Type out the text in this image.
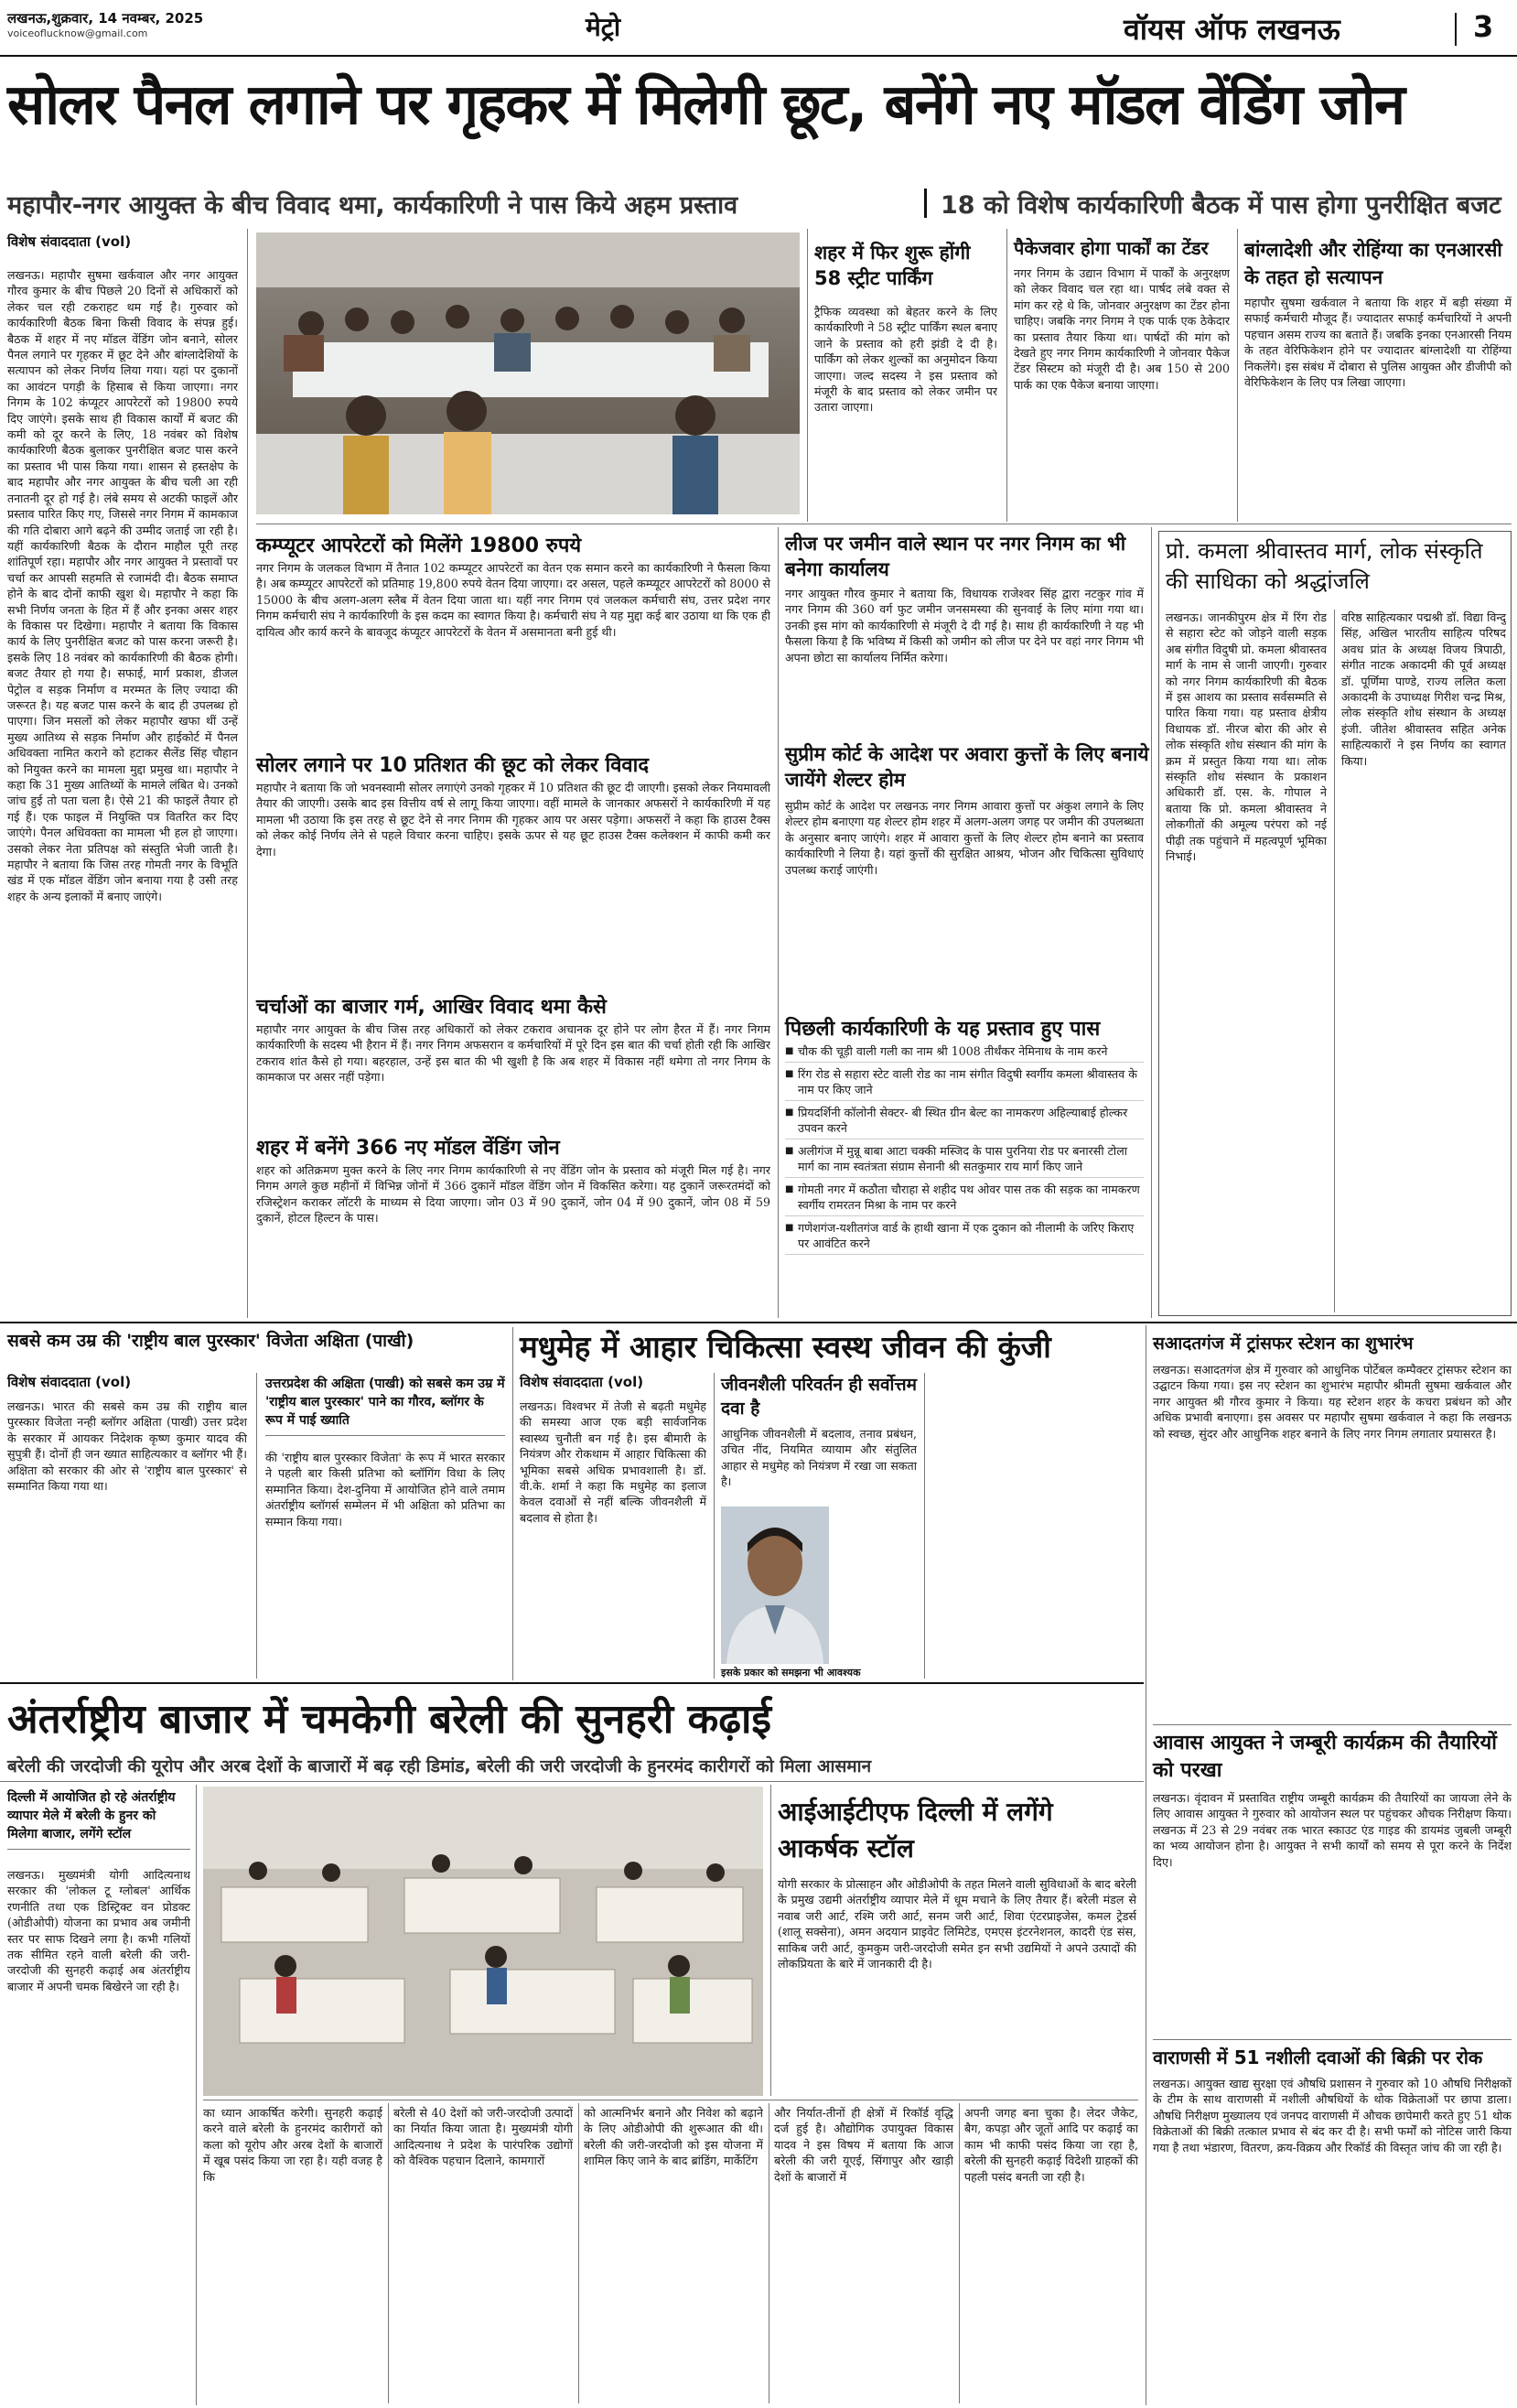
लखनऊ,शुक्रवार, 14 नवम्बर, 2025
voiceoflucknow@gmail.com	मेट्रो	वॉयस ऑफ लखनऊ	3
सोलर पैनल लगाने पर गृहकर में मिलेगी छूट, बनेंगे नए मॉडल वेंडिंग जोन
महापौर-नगर आयुक्त के बीच विवाद थमा, कार्यकारिणी ने पास किये अहम प्रस्ताव	18 को विशेष कार्यकारिणी बैठक में पास होगा पुनरीक्षित बजट
विशेष संवाददाता (vol)
लखनऊ। महापौर सुषमा खर्कवाल और नगर आयुक्त गौरव कुमार के बीच पिछले 20 दिनों से अधिकारों को लेकर चल रही टकराहट थम गई है। गुरुवार को कार्यकारिणी बैठक बिना किसी विवाद के संपन्न हुई। बैठक में शहर में नए मॉडल वेंडिंग जोन बनाने, सोलर पैनल लगाने पर गृहकर में छूट देने और बांग्लादेशियों के सत्यापन को लेकर निर्णय लिया गया। यहां पर दुकानों का आवंटन पगड़ी के हिसाब से किया जाएगा। नगर निगम के 102 कंप्यूटर आपरेटरों को 19800 रुपये दिए जाएंगे। इसके साथ ही विकास कार्यों में बजट की कमी को दूर करने के लिए, 18 नवंबर को विशेष कार्यकारिणी बैठक बुलाकर पुनरीक्षित बजट पास करने का प्रस्ताव भी पास किया गया। शासन से हस्तक्षेप के बाद महापौर और नगर आयुक्त के बीच चली आ रही तनातनी दूर हो गई है। लंबे समय से अटकी फाइलें और प्रस्ताव पारित किए गए, जिससे नगर निगम में कामकाज की गति दोबारा आगे बढ़ने की उम्मीद जताई जा रही है। यहीं कार्यकारिणी बैठक के दौरान माहौल पूरी तरह शांतिपूर्ण रहा। महापौर और नगर आयुक्त ने प्रस्तावों पर चर्चा कर आपसी सहमति से रजामंदी दी। बैठक समाप्त होने के बाद दोनों काफी खुश थे। महापौर ने कहा कि सभी निर्णय जनता के हित में हैं और इनका असर शहर के विकास पर दिखेगा। महापौर ने बताया कि विकास कार्य के लिए पुनरीक्षित बजट को पास करना जरूरी है। इसके लिए 18 नवंबर को कार्यकारिणी की बैठक होगी। बजट तैयार हो गया है। सफाई, मार्ग प्रकाश, डीजल पेट्रोल व सड़क निर्माण व मरम्मत के लिए ज्यादा की जरूरत है। यह बजट पास करने के बाद ही उपलब्ध हो पाएगा। जिन मसलों को लेकर महापौर खफा थीं उन्हें मुख्य आतिथ्य से सड़क निर्माण और हाईकोर्ट में पैनल अधिवक्ता नामित कराने को हटाकर सैलेंड सिंह चौहान को नियुक्त करने का मामला मुद्दा प्रमुख था। महापौर ने कहा कि 31 मुख्य आतिथ्यों के मामले लंबित थे। उनको जांच हुई तो पता चला है। ऐसे 21 की फाइलें तैयार हो गई हैं। एक फाइल में नियुक्ति पत्र वितरित कर दिए जाएंगे। पैनल अधिवक्ता का मामला भी हल हो जाएगा। उसको लेकर नेता प्रतिपक्ष को संस्तुति भेजी जाती है। महापौर ने बताया कि जिस तरह गोमती नगर के विभूति खंड में एक मॉडल वेंडिंग जोन बनाया गया है उसी तरह शहर के अन्य इलाकों में बनाए जाएंगे।
शहर में फिर शुरू होंगी 58 स्ट्रीट पार्किंग
ट्रैफिक व्यवस्था को बेहतर करने के लिए कार्यकारिणी ने 58 स्ट्रीट पार्किंग स्थल बनाए जाने के प्रस्ताव को हरी झंडी दे दी है। पार्किंग को लेकर शुल्कों का अनुमोदन किया जाएगा। जल्द सदस्य ने इस प्रस्ताव को मंजूरी के बाद प्रस्ताव को लेकर जमीन पर उतारा जाएगा।
पैकेजवार होगा पार्कों का टेंडर
नगर निगम के उद्यान विभाग में पार्कों के अनुरक्षण को लेकर विवाद चल रहा था। पार्षद लंबे वक्त से मांग कर रहे थे कि, जोनवार अनुरक्षण का टेंडर होना चाहिए। जबकि नगर निगम ने एक पार्क एक ठेकेदार का प्रस्ताव तैयार किया था। पार्षदों की मांग को देखते हुए नगर निगम कार्यकारिणी ने जोनवार पैकेज टेंडर सिस्टम को मंजूरी दी है। अब 150 से 200 पार्क का एक पैकेज बनाया जाएगा।
बांग्लादेशी और रोहिंग्या का एनआरसी के तहत हो सत्यापन
महापौर सुषमा खर्कवाल ने बताया कि शहर में बड़ी संख्या में सफाई कर्मचारी मौजूद हैं। ज्यादातर सफाई कर्मचारियों ने अपनी पहचान असम राज्य का बताते हैं। जबकि इनका एनआरसी नियम के तहत वेरिफिकेशन होने पर ज्यादातर बांग्लादेशी या रोहिंग्या निकलेंगे। इस संबंध में दोबारा से पुलिस आयुक्त और डीजीपी को वेरिफिकेशन के लिए पत्र लिखा जाएगा।
कम्प्यूटर आपरेटरों को मिलेंगे 19800 रुपये
नगर निगम के जलकल विभाग में तैनात 102 कम्प्यूटर आपरेटरों का वेतन एक समान करने का कार्यकारिणी ने फैसला किया है। अब कम्प्यूटर आपरेटरों को प्रतिमाह 19,800 रुपये वेतन दिया जाएगा। दर असल, पहले कम्प्यूटर आपरेटरों को 8000 से 15000 के बीच अलग-अलग स्लैब में वेतन दिया जाता था। यहीं नगर निगम एवं जलकल कर्मचारी संघ, उत्तर प्रदेश नगर निगम कर्मचारी संघ ने कार्यकारिणी के इस कदम का स्वागत किया है। कर्मचारी संघ ने यह मुद्दा कई बार उठाया था कि एक ही दायित्व और कार्य करने के बावजूद कंप्यूटर आपरेटरों के वेतन में असमानता बनी हुई थी।
सोलर लगाने पर 10 प्रतिशत की छूट को लेकर विवाद
महापौर ने बताया कि जो भवनस्वामी सोलर लगाएंगे उनको गृहकर में 10 प्रतिशत की छूट दी जाएगी। इसको लेकर नियमावली तैयार की जाएगी। उसके बाद इस वित्तीय वर्ष से लागू किया जाएगा। वहीं मामले के जानकार अफसरों ने कार्यकारिणी में यह मामला भी उठाया कि इस तरह से छूट देने से नगर निगम की गृहकर आय पर असर पड़ेगा। अफसरों ने कहा कि हाउस टैक्स को लेकर कोई निर्णय लेने से पहले विचार करना चाहिए। इसके ऊपर से यह छूट हाउस टैक्स कलेक्शन में काफी कमी कर देगा।
चर्चाओं का बाजार गर्म, आखिर विवाद थमा कैसे
महापौर नगर आयुक्त के बीच जिस तरह अधिकारों को लेकर टकराव अचानक दूर होने पर लोग हैरत में हैं। नगर निगम कार्यकारिणी के सदस्य भी हैरान में हैं। नगर निगम अफसरान व कर्मचारियों में पूरे दिन इस बात की चर्चा होती रही कि आखिर टकराव शांत कैसे हो गया। बहरहाल, उन्हें इस बात की भी खुशी है कि अब शहर में विकास नहीं थमेगा तो नगर निगम के कामकाज पर असर नहीं पड़ेगा।
शहर में बनेंगे 366 नए मॉडल वेंडिंग जोन
शहर को अतिक्रमण मुक्त करने के लिए नगर निगम कार्यकारिणी से नए वेंडिंग जोन के प्रस्ताव को मंजूरी मिल गई है। नगर निगम अगले कुछ महीनों में विभिन्न जोनों में 366 दुकानें मॉडल वेंडिंग जोन में विकसित करेगा। यह दुकानें जरूरतमंदों को रजिस्ट्रेशन कराकर लॉटरी के माध्यम से दिया जाएगा। जोन 03 में 90 दुकानें, जोन 04 में 90 दुकानें, जोन 08 में 59 दुकानें, होटल हिल्टन के पास।
लीज पर जमीन वाले स्थान पर नगर निगम का भी बनेगा कार्यालय
नगर आयुक्त गौरव कुमार ने बताया कि, विधायक राजेश्वर सिंह द्वारा नटकुर गांव में नगर निगम की 360 वर्ग फुट जमीन जनसमस्या की सुनवाई के लिए मांगा गया था। उनकी इस मांग को कार्यकारिणी से मंजूरी दे दी गई है। साथ ही कार्यकारिणी ने यह भी फैसला किया है कि भविष्य में किसी को जमीन को लीज पर देने पर वहां नगर निगम भी अपना छोटा सा कार्यालय निर्मित करेगा।
सुप्रीम कोर्ट के आदेश पर अवारा कुत्तों के लिए बनाये जायेंगे शेल्टर होम
सुप्रीम कोर्ट के आदेश पर लखनऊ नगर निगम आवारा कुत्तों पर अंकुश लगाने के लिए शेल्टर होम बनाएगा यह शेल्टर होम शहर में अलग-अलग जगह पर जमीन की उपलब्धता के अनुसार बनाए जाएंगे। शहर में आवारा कुत्तों के लिए शेल्टर होम बनाने का प्रस्ताव कार्यकारिणी ने लिया है। यहां कुत्तों की सुरक्षित आश्रय, भोजन और चिकित्सा सुविधाएं उपलब्ध कराई जाएंगी।
पिछली कार्यकारिणी के यह प्रस्ताव हुए पास
■ चौक की चूड़ी वाली गली का नाम श्री 1008 तीर्थंकर नेमिनाथ के नाम करने
■ रिंग रोड से सहारा स्टेट वाली रोड का नाम संगीत विदुषी स्वर्गीय कमला श्रीवास्तव के नाम पर किए जाने
■ प्रियदर्शिनी कॉलोनी सेक्टर- बी स्थित ग्रीन बेल्ट का नामकरण अहिल्याबाई होल्कर उपवन करने
■ अलीगंज में मुन्नू बाबा आटा चक्की मस्जिद के पास पुरनिया रोड पर बनारसी टोला मार्ग का नाम स्वतंत्रता संग्राम सेनानी श्री सतकुमार राय मार्ग किए जाने
■ गोमती नगर में कठौता चौराहा से शहीद पथ ओवर पास तक की सड़क का नामकरण स्वर्गीय रामरतन मिश्रा के नाम पर करने
■ गणेशगंज-यशीतगंज वार्ड के हाथी खाना में एक दुकान को नीलामी के जरिए किराए पर आवंटित करने
प्रो. कमला श्रीवास्तव मार्ग, लोक संस्कृति की साधिका को श्रद्धांजलि
लखनऊ। जानकीपुरम क्षेत्र में रिंग रोड से सहारा स्टेट को जोड़ने वाली सड़क अब संगीत विदुषी प्रो. कमला श्रीवास्तव मार्ग के नाम से जानी जाएगी। गुरुवार को नगर निगम कार्यकारिणी की बैठक में इस आशय का प्रस्ताव सर्वसम्मति से पारित किया गया। यह प्रस्ताव क्षेत्रीय विधायक डॉ. नीरज बोरा की ओर से लोक संस्कृति शोध संस्थान की मांग के क्रम में प्रस्तुत किया गया था। लोक संस्कृति शोध संस्थान के प्रकाशन अधिकारी डॉ. एस. के. गोपाल ने बताया कि प्रो. कमला श्रीवास्तव ने लोकगीतों की अमूल्य परंपरा को नई पीढ़ी तक पहुंचाने में महत्वपूर्ण भूमिका निभाई।
वरिष्ठ साहित्यकार पद्मश्री डॉ. विद्या विन्दु सिंह, अखिल भारतीय साहित्य परिषद अवध प्रांत के अध्यक्ष विजय त्रिपाठी, संगीत नाटक अकादमी की पूर्व अध्यक्ष डॉ. पूर्णिमा पाण्डे, राज्य ललित कला अकादमी के उपाध्यक्ष गिरीश चन्द्र मिश्र, लोक संस्कृति शोध संस्थान के अध्यक्ष इंजी. जीतेश श्रीवास्तव सहित अनेक साहित्यकारों ने इस निर्णय का स्वागत किया।
सबसे कम उम्र की 'राष्ट्रीय बाल पुरस्कार' विजेता अक्षिता (पाखी)
विशेष संवाददाता (vol)
लखनऊ। भारत की सबसे कम उम्र की राष्ट्रीय बाल पुरस्कार विजेता नन्ही ब्लॉगर अक्षिता (पाखी) उत्तर प्रदेश के सरकार में आयकर निदेशक कृष्ण कुमार यादव की सुपुत्री हैं। दोनों ही जन ख्यात साहित्यकार व ब्लॉगर भी हैं। अक्षिता को सरकार की ओर से 'राष्ट्रीय बाल पुरस्कार' से सम्मानित किया गया था।
उत्तरप्रदेश की अक्षिता (पाखी) को सबसे कम उम्र में 'राष्ट्रीय बाल पुरस्कार' पाने का गौरव, ब्लॉगर के रूप में पाई ख्याति
की 'राष्ट्रीय बाल पुरस्कार विजेता' के रूप में भारत सरकार ने पहली बार किसी प्रतिभा को ब्लॉगिंग विधा के लिए सम्मानित किया। देश-दुनिया में आयोजित होने वाले तमाम अंतर्राष्ट्रीय ब्लॉगर्स सम्मेलन में भी अक्षिता को प्रतिभा का सम्मान किया गया।
मधुमेह में आहार चिकित्सा स्वस्थ जीवन की कुंजी
विशेष संवाददाता (vol)
लखनऊ। विश्वभर में तेजी से बढ़ती मधुमेह की समस्या आज एक बड़ी सार्वजनिक स्वास्थ्य चुनौती बन गई है। इस बीमारी के नियंत्रण और रोकथाम में आहार चिकित्सा की भूमिका सबसे अधिक प्रभावशाली है। डॉ. वी.के. शर्मा ने कहा कि मधुमेह का इलाज केवल दवाओं से नहीं बल्कि जीवनशैली में बदलाव से होता है।
जीवनशैली परिवर्तन ही सर्वोत्तम दवा है
आधुनिक जीवनशैली में बदलाव, तनाव प्रबंधन, उचित नींद, नियमित व्यायाम और संतुलित आहार से मधुमेह को नियंत्रण में रखा जा सकता है।
इसके प्रकार को समझना भी आवश्यक
सआदतगंज में ट्रांसफर स्टेशन का शुभारंभ
लखनऊ। सआदतगंज क्षेत्र में गुरुवार को आधुनिक पोर्टेबल कम्पैक्टर ट्रांसफर स्टेशन का उद्घाटन किया गया। इस नए स्टेशन का शुभारंभ महापौर श्रीमती सुषमा खर्कवाल और नगर आयुक्त श्री गौरव कुमार ने किया। यह स्टेशन शहर के कचरा प्रबंधन को और अधिक प्रभावी बनाएगा। इस अवसर पर महापौर सुषमा खर्कवाल ने कहा कि लखनऊ को स्वच्छ, सुंदर और आधुनिक शहर बनाने के लिए नगर निगम लगातार प्रयासरत है।
आवास आयुक्त ने जम्बूरी कार्यक्रम की तैयारियों को परखा
लखनऊ। वृंदावन में प्रस्तावित राष्ट्रीय जम्बूरी कार्यक्रम की तैयारियों का जायजा लेने के लिए आवास आयुक्त ने गुरुवार को आयोजन स्थल पर पहुंचकर औचक निरीक्षण किया। लखनऊ में 23 से 29 नवंबर तक भारत स्काउट एंड गाइड की डायमंड जुबली जम्बूरी का भव्य आयोजन होना है। आयुक्त ने सभी कार्यों को समय से पूरा करने के निर्देश दिए।
वाराणसी में 51 नशीली दवाओं की बिक्री पर रोक
लखनऊ। आयुक्त खाद्य सुरक्षा एवं औषधि प्रशासन ने गुरुवार को 10 औषधि निरीक्षकों के टीम के साथ वाराणसी में नशीली औषधियों के थोक विक्रेताओं पर छापा डाला। औषधि निरीक्षण मुख्यालय एवं जनपद वाराणसी में औचक छापेमारी करते हुए 51 थोक विक्रेताओं की बिक्री तत्काल प्रभाव से बंद कर दी है। सभी फर्मों को नोटिस जारी किया गया है तथा भंडारण, वितरण, क्रय-विक्रय और रिकॉर्ड की विस्तृत जांच की जा रही है।
अंतर्राष्ट्रीय बाजार में चमकेगी बरेली की सुनहरी कढ़ाई
बरेली की जरदोजी की यूरोप और अरब देशों के बाजारों में बढ़ रही डिमांड, बरेली की जरी जरदोजी के हुनरमंद कारीगरों को मिला आसमान
दिल्ली में आयोजित हो रहे अंतर्राष्ट्रीय व्यापार मेले में बरेली के हुनर को मिलेगा बाजार, लगेंगे स्टॉल
लखनऊ। मुख्यमंत्री योगी आदित्यनाथ सरकार की 'लोकल टू ग्लोबल' आर्थिक रणनीति तथा एक डिस्ट्रिक्ट वन प्रोडक्ट (ओडीओपी) योजना का प्रभाव अब जमीनी स्तर पर साफ दिखने लगा है। कभी गलियों तक सीमित रहने वाली बरेली की जरी-जरदोजी की सुनहरी कढ़ाई अब अंतर्राष्ट्रीय बाजार में अपनी चमक बिखेरने जा रही है।
आईआईटीएफ दिल्ली में लगेंगे आकर्षक स्टॉल
योगी सरकार के प्रोत्साहन और ओडीओपी के तहत मिलने वाली सुविधाओं के बाद बरेली के प्रमुख उद्यमी अंतर्राष्ट्रीय व्यापार मेले में धूम मचाने के लिए तैयार हैं। बरेली मंडल से नवाब जरी आर्ट, रश्मि जरी आर्ट, सनम जरी आर्ट, शिवा एंटरप्राइजेस, कमल ट्रेडर्स (शालू सक्सेना), अमन अदयान प्राइवेट लिमिटेड, एमएस इंटरनेशनल, कादरी एंड संस, साकिब जरी आर्ट, कुमकुम जरी-जरदोजी समेत इन सभी उद्यमियों ने अपने उत्पादों की लोकप्रियता के बारे में जानकारी दी है।
का ध्यान आकर्षित करेगी। सुनहरी कढ़ाई करने वाले बरेली के हुनरमंद कारीगरों को कला को यूरोप और अरब देशों के बाजारों में खूब पसंद किया जा रहा है। यही वजह है कि
बरेली से 40 देशों को जरी-जरदोजी उत्पादों का निर्यात किया जाता है। मुख्यमंत्री योगी आदित्यनाथ ने प्रदेश के पारंपरिक उद्योगों को वैश्विक पहचान दिलाने, कामगारों
को आत्मनिर्भर बनाने और निवेश को बढ़ाने के लिए ओडीओपी की शुरूआत की थी। बरेली की जरी-जरदोजी को इस योजना में शामिल किए जाने के बाद ब्रांडिंग, मार्केटिंग
और निर्यात-तीनों ही क्षेत्रों में रिकॉर्ड वृद्धि दर्ज हुई है। औद्योगिक उपायुक्त विकास यादव ने इस विषय में बताया कि आज बरेली की जरी यूएई, सिंगापुर और खाड़ी देशों के बाजारों में
अपनी जगह बना चुका है। लेदर जैकेट, बैग, कपड़ा और जूतों आदि पर कढ़ाई का काम भी काफी पसंद किया जा रहा है, बरेली की सुनहरी कढ़ाई विदेशी ग्राहकों की पहली पसंद बनती जा रही है।
